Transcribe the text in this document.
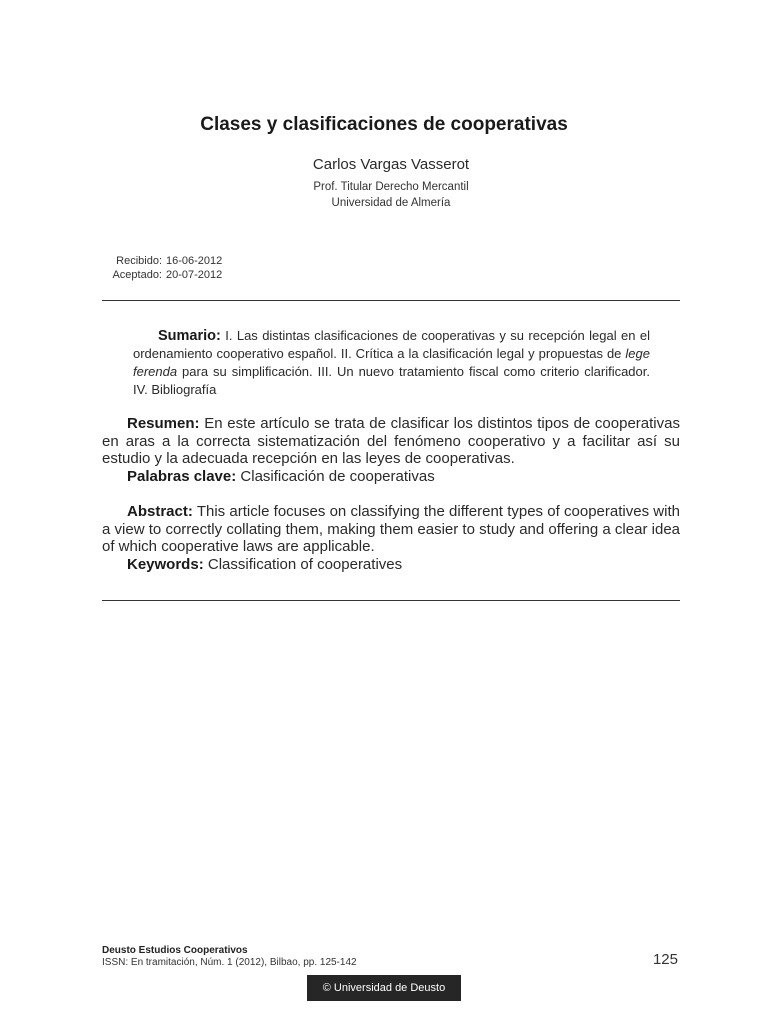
Clases y clasificaciones de cooperativas
Carlos Vargas Vasserot
Prof. Titular Derecho Mercantil
Universidad de Almería
Recibido: 16-06-2012
Aceptado: 20-07-2012
Sumario: I. Las distintas clasificaciones de cooperativas y su recepción legal en el ordenamiento cooperativo español. II. Crítica a la clasificación legal y propuestas de lege ferenda para su simplificación. III. Un nuevo tratamiento fiscal como criterio clarificador. IV. Bibliografía
Resumen: En este artículo se trata de clasificar los distintos tipos de cooperativas en aras a la correcta sistematización del fenómeno cooperativo y a facilitar así su estudio y la adecuada recepción en las leyes de cooperativas.
Palabras clave: Clasificación de cooperativas
Abstract: This article focuses on classifying the different types of cooperatives with a view to correctly collating them, making them easier to study and offering a clear idea of which cooperative laws are applicable.
Keywords: Classification of cooperatives
Deusto Estudios Cooperativos
ISSN: En tramitación, Núm. 1 (2012), Bilbao, pp. 125-142	125
© Universidad de Deusto
